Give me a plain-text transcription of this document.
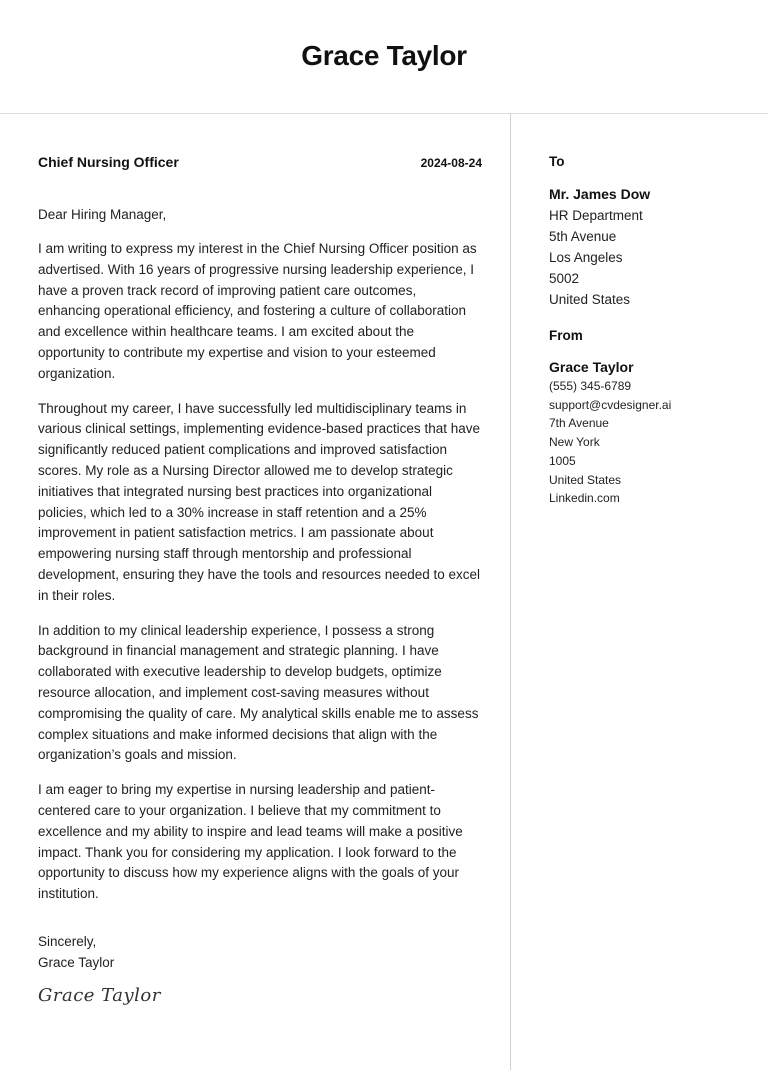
Grace Taylor
Chief Nursing Officer	2024-08-24
Dear Hiring Manager,
I am writing to express my interest in the Chief Nursing Officer position as advertised. With 16 years of progressive nursing leadership experience, I have a proven track record of improving patient care outcomes, enhancing operational efficiency, and fostering a culture of collaboration and excellence within healthcare teams. I am excited about the opportunity to contribute my expertise and vision to your esteemed organization.
Throughout my career, I have successfully led multidisciplinary teams in various clinical settings, implementing evidence-based practices that have significantly reduced patient complications and improved satisfaction scores. My role as a Nursing Director allowed me to develop strategic initiatives that integrated nursing best practices into organizational policies, which led to a 30% increase in staff retention and a 25% improvement in patient satisfaction metrics. I am passionate about empowering nursing staff through mentorship and professional development, ensuring they have the tools and resources needed to excel in their roles.
In addition to my clinical leadership experience, I possess a strong background in financial management and strategic planning. I have collaborated with executive leadership to develop budgets, optimize resource allocation, and implement cost-saving measures without compromising the quality of care. My analytical skills enable me to assess complex situations and make informed decisions that align with the organization’s goals and mission.
I am eager to bring my expertise in nursing leadership and patient-centered care to your organization. I believe that my commitment to excellence and my ability to inspire and lead teams will make a positive impact. Thank you for considering my application. I look forward to the opportunity to discuss how my experience aligns with the goals of your institution.
Sincerely,
Grace Taylor
Grace Taylor
To
Mr. James Dow
HR Department
5th Avenue
Los Angeles
5002
United States
From
Grace Taylor
(555) 345-6789
support@cvdesigner.ai
7th Avenue
New York
1005
United States
Linkedin.com
